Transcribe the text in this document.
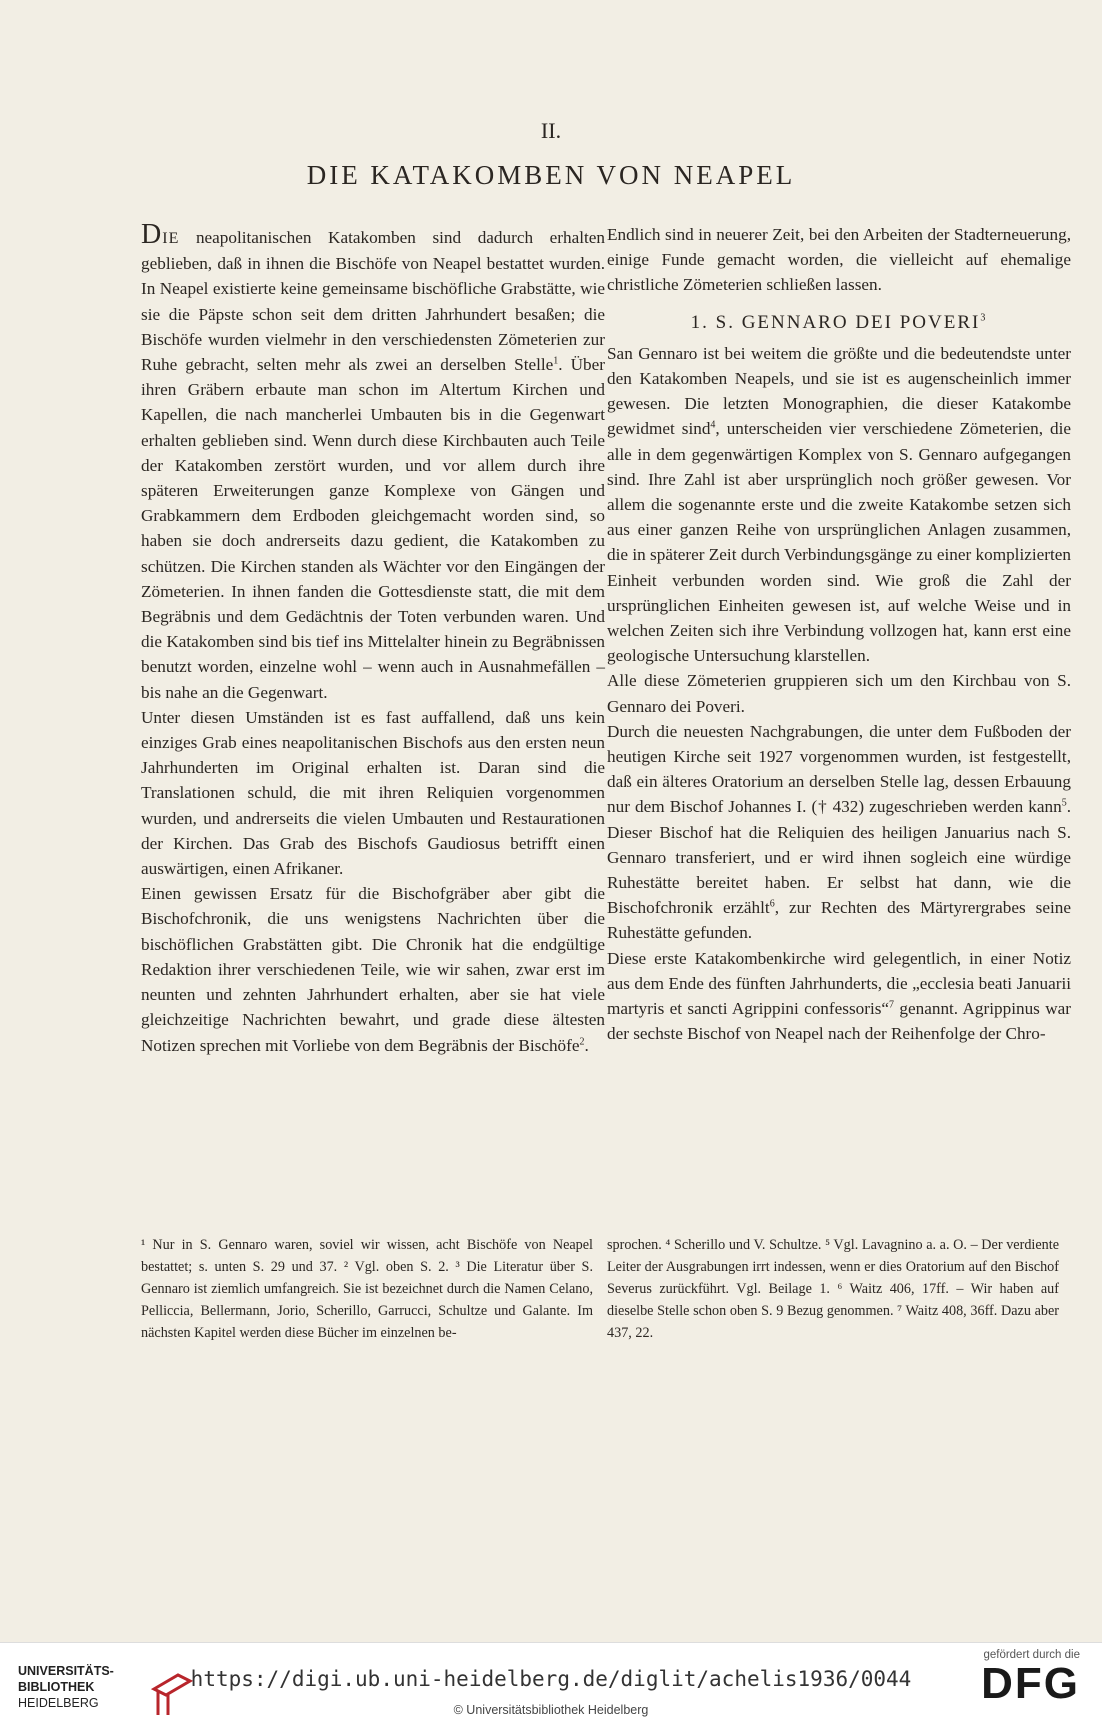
II.
DIE KATAKOMBEN VON NEAPEL

DIE neapolitanischen Katakomben sind dadurch erhalten geblieben, daß in ihnen die Bischöfe von Neapel bestattet wurden. In Neapel existierte keine gemeinsame bischöfliche Grabstätte, wie sie die Päpste schon seit dem dritten Jahrhundert besaßen; die Bischöfe wurden vielmehr in den verschiedensten Zömeterien zur Ruhe gebracht, selten mehr als zwei an derselben Stelle$^1$. Über ihren Gräbern erbaute man schon im Altertum Kirchen und Kapellen, die nach mancherlei Umbauten bis in die Gegenwart erhalten geblieben sind. Wenn durch diese Kirchbauten auch Teile der Katakomben zerstört wurden, und vor allem durch ihre späteren Erweiterungen ganze Komplexe von Gängen und Grabkammern dem Erdboden gleichgemacht worden sind, so haben sie doch andrerseits dazu gedient, die Katakomben zu schützen. Die Kirchen standen als Wächter vor den Eingängen der Zömeterien. In ihnen fanden die Gottesdienste statt, die mit dem Begräbnis und dem Gedächtnis der Toten verbunden waren. Und die Katakomben sind bis tief ins Mittelalter hinein zu Begräbnissen benutzt worden, einzelne wohl – wenn auch in Ausnahmefällen – bis nahe an die Gegenwart.

Unter diesen Umständen ist es fast auffallend, daß uns kein einziges Grab eines neapolitanischen Bischofs aus den ersten neun Jahrhunderten im Original erhalten ist. Daran sind die Translationen schuld, die mit ihren Reliquien vorgenommen wurden, und andrerseits die vielen Umbauten und Restaurationen der Kirchen. Das Grab des Bischofs Gaudiosus betrifft einen auswärtigen, einen Afrikaner.

Einen gewissen Ersatz für die Bischofgräber aber gibt die Bischofchronik, die uns wenigstens Nachrichten über die bischöflichen Grabstätten gibt. Die Chronik hat die endgültige Redaktion ihrer verschiedenen Teile, wie wir sahen, zwar erst im neunten und zehnten Jahrhundert erhalten, aber sie hat viele gleichzeitige Nachrichten bewahrt, und grade diese ältesten Notizen sprechen mit Vorliebe von dem Begräbnis der Bischöfe$^2$.

Endlich sind in neuerer Zeit, bei den Arbeiten der Stadterneuerung, einige Funde gemacht worden, die vielleicht auf ehemalige christliche Zömeterien schließen lassen.

1. S. GENNARO DEI POVERI$^3$

San Gennaro ist bei weitem die größte und die bedeutendste unter den Katakomben Neapels, und sie ist es augenscheinlich immer gewesen. Die letzten Monographien, die dieser Katakombe gewidmet sind$^4$, unterscheiden vier verschiedene Zömeterien, die alle in dem gegenwärtigen Komplex von S. Gennaro aufgegangen sind. Ihre Zahl ist aber ursprünglich noch größer gewesen. Vor allem die sogenannte erste und die zweite Katakombe setzen sich aus einer ganzen Reihe von ursprünglichen Anlagen zusammen, die in späterer Zeit durch Verbindungsgänge zu einer komplizierten Einheit verbunden worden sind. Wie groß die Zahl der ursprünglichen Einheiten gewesen ist, auf welche Weise und in welchen Zeiten sich ihre Verbindung vollzogen hat, kann erst eine geologische Untersuchung klarstellen.

Alle diese Zömeterien gruppieren sich um den Kirchbau von S. Gennaro dei Poveri.

Durch die neuesten Nachgrabungen, die unter dem Fußboden der heutigen Kirche seit 1927 vorgenommen wurden, ist festgestellt, daß ein älteres Oratorium an derselben Stelle lag, dessen Erbauung nur dem Bischof Johannes I. († 432) zugeschrieben werden kann$^5$. Dieser Bischof hat die Reliquien des heiligen Januarius nach S. Gennaro transferiert, und er wird ihnen sogleich eine würdige Ruhestätte bereitet haben. Er selbst hat dann, wie die Bischofchronik erzählt$^6$, zur Rechten des Märtyrergrabes seine Ruhestätte gefunden.

Diese erste Katakombenkirche wird gelegentlich, in einer Notiz aus dem Ende des fünften Jahrhunderts, die „ecclesia beati Januarii martyris et sancti Agrippini confessoris“$^7$ genannt. Agrippinus war der sechste Bischof von Neapel nach der Reihenfolge der Chro-

¹ Nur in S. Gennaro waren, soviel wir wissen, acht Bischöfe von Neapel bestattet; s. unten S. 29 und 37. ² Vgl. oben S. 2. ³ Die Literatur über S. Gennaro ist ziemlich umfangreich. Sie ist bezeichnet durch die Namen Celano, Pelliccia, Bellermann, Jorio, Scherillo, Garrucci, Schultze und Galante. Im nächsten Kapitel werden diese Bücher im einzelnen be-
sprochen. ⁴ Scherillo und V. Schultze. ⁵ Vgl. Lavagnino a. a. O. – Der verdiente Leiter der Ausgrabungen irrt indessen, wenn er dies Oratorium auf den Bischof Severus zurückführt. Vgl. Beilage 1. ⁶ Waitz 406, 17ff. – Wir haben auf dieselbe Stelle schon oben S. 9 Bezug genommen. ⁷ Waitz 408, 36ff. Dazu aber 437, 22.
UNIVERSITÄTS-
BIBLIOTHEK
HEIDELBERG
https://digi.ub.uni-heidelberg.de/diglit/achelis1936/0044
© Universitätsbibliothek Heidelberg
gefördert durch die
DFG
